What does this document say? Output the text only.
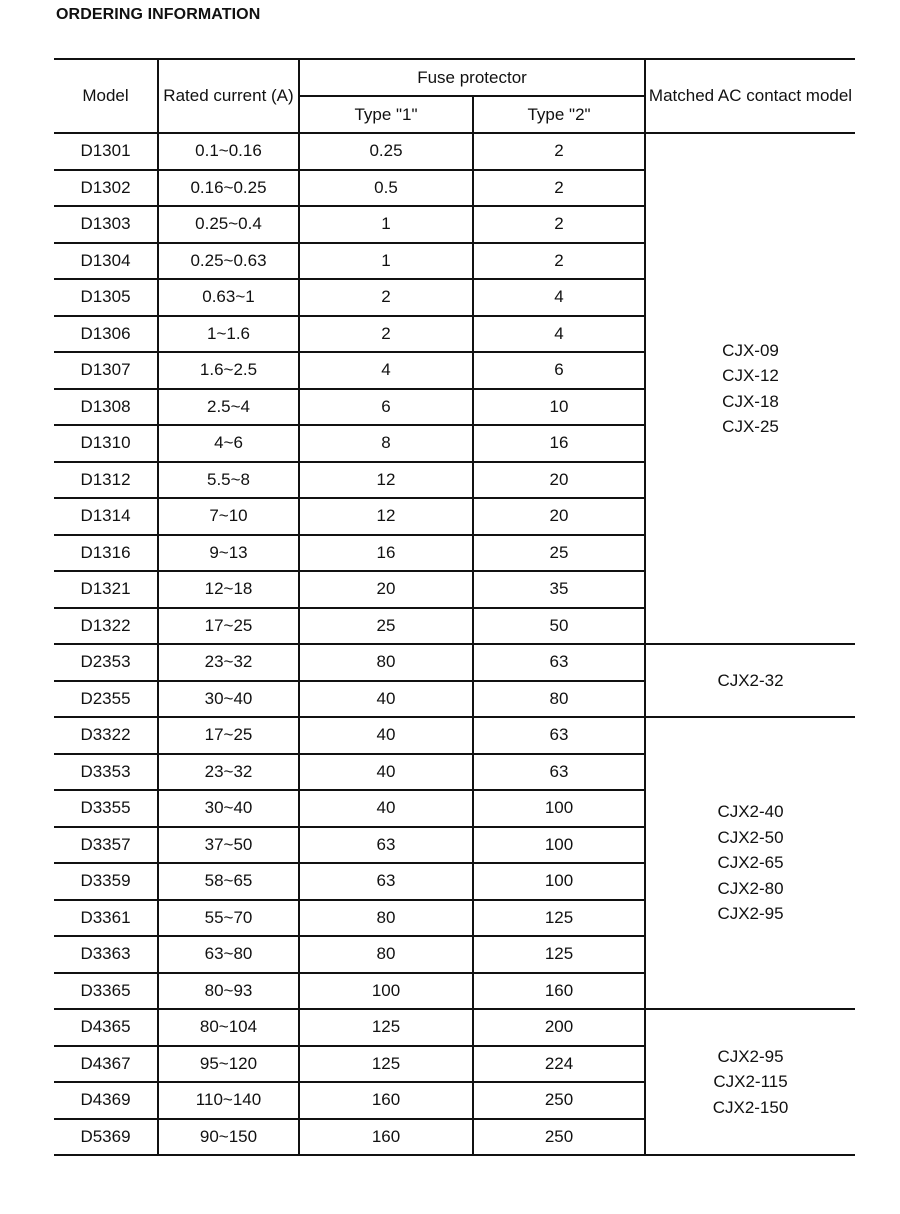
ORDERING INFORMATION
Model	Rated current (A)	Fuse protector		Matched AC contact model
		Type "1"	Type "2"	
D1301	0.1~0.16	0.25	2	CJX-09
CJX-12
CJX-18
CJX-25

D1302	0.16~0.25	0.5	2	
D1303	0.25~0.4	1	2	
D1304	0.25~0.63	1	2	
D1305	0.63~1	2	4	
D1306	1~1.6	2	4	
D1307	1.6~2.5	4	6	
D1308	2.5~4	6	10	
D1310	4~6	8	16	
D1312	5.5~8	12	20	
D1314	7~10	12	20	
D1316	9~13	16	25	
D1321	12~18	20	35	
D1322	17~25	25	50	
D2353	23~32	80	63	CJX2-32

D2355	30~40	40	80	
D3322	17~25	40	63	CJX2-40
CJX2-50
CJX2-65
CJX2-80
CJX2-95

D3353	23~32	40	63	
D3355	30~40	40	100	
D3357	37~50	63	100	
D3359	58~65	63	100	
D3361	55~70	80	125	
D3363	63~80	80	125	
D3365	80~93	100	160	
D4365	80~104	125	200	CJX2-95
CJX2-115
CJX2-150

D4367	95~120	125	224	
D4369	110~140	160	250	
D5369	90~150	160	250	
